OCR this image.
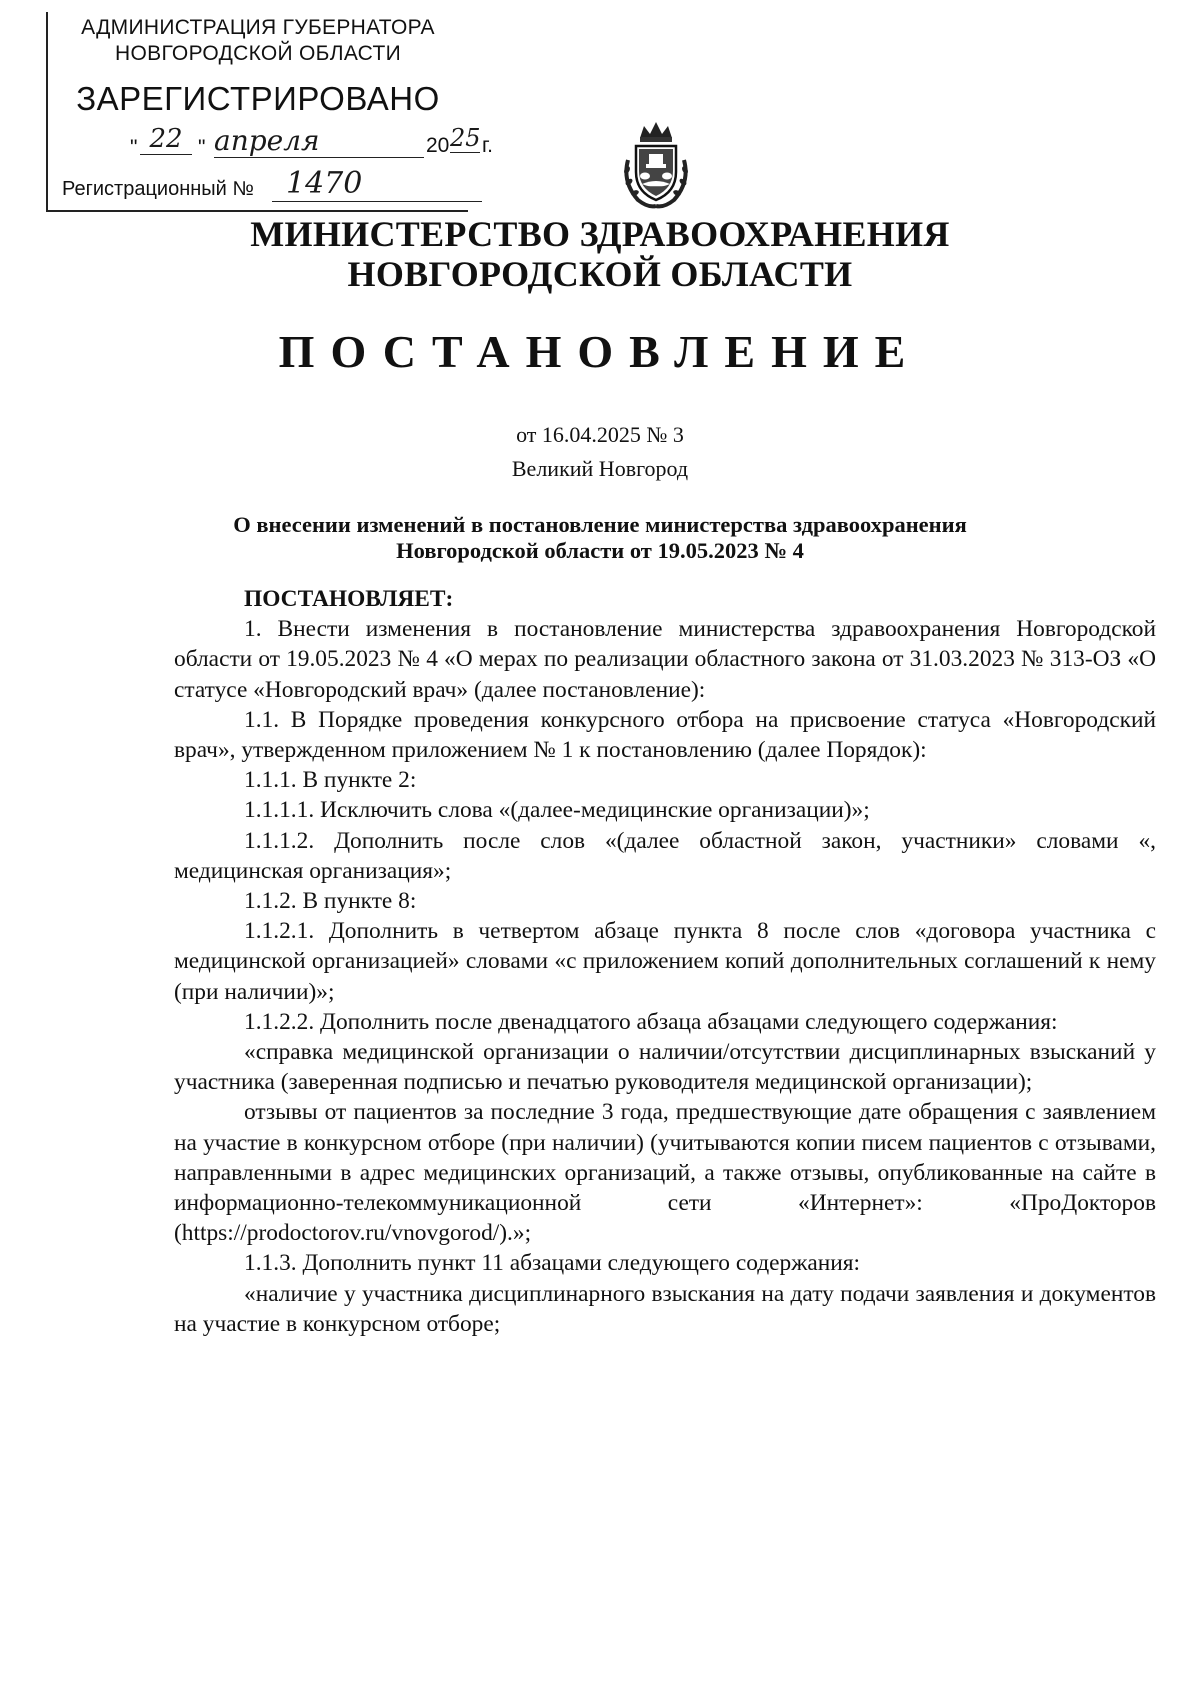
АДМИНИСТРАЦИЯ ГУБЕРНАТОРА
НОВГОРОДСКОЙ ОБЛАСТИ
ЗАРЕГИСТРИРОВАНО
" 22 " апреля	20 25 г.
Регистрационный №	1470
МИНИСТЕРСТВО ЗДРАВООХРАНЕНИЯ
НОВГОРОДСКОЙ ОБЛАСТИ
ПОСТАНОВЛЕНИЕ
от 16.04.2025 № 3
Великий Новгород
О внесении изменений в постановление министерства здравоохранения
Новгородской области от 19.05.2023 № 4

ПОСТАНОВЛЯЕТ:

1. Внести изменения в постановление министерства здравоохранения Новгородской области от 19.05.2023 № 4 «О мерах по реализации областного закона от 31.03.2023 № 313-ОЗ «О статусе «Новгородский врач» (далее постановление):

1.1. В Порядке проведения конкурсного отбора на присвоение статуса «Новгородский врач», утвержденном приложением № 1 к постановлению (далее Порядок):

1.1.1. В пункте 2:

1.1.1.1. Исключить слова «(далее-медицинские организации)»;

1.1.1.2. Дополнить после слов «(далее областной закон, участники» словами «, медицинская организация»;

1.1.2. В пункте 8:

1.1.2.1. Дополнить в четвертом абзаце пункта 8 после слов «договора участника с медицинской организацией» словами «с приложением копий дополнительных соглашений к нему (при наличии)»;

1.1.2.2. Дополнить после двенадцатого абзаца абзацами следующего содержания:

«справка медицинской организации о наличии/отсутствии дисциплинарных взысканий у участника (заверенная подписью и печатью руководителя медицинской организации);

отзывы от пациентов за последние 3 года, предшествующие дате обращения с заявлением на участие в конкурсном отборе (при наличии) (учитываются копии писем пациентов с отзывами, направленными в адрес медицинских организаций, а также отзывы, опубликованные на сайте в информационно-телекоммуникационной сети «Интернет»: «ПроДокторов (https://prodoctorov.ru/vnovgorod/).»;

1.1.3. Дополнить пункт 11 абзацами следующего содержания:

«наличие у участника дисциплинарного взыскания на дату подачи заявления и документов на участие в конкурсном отборе;
